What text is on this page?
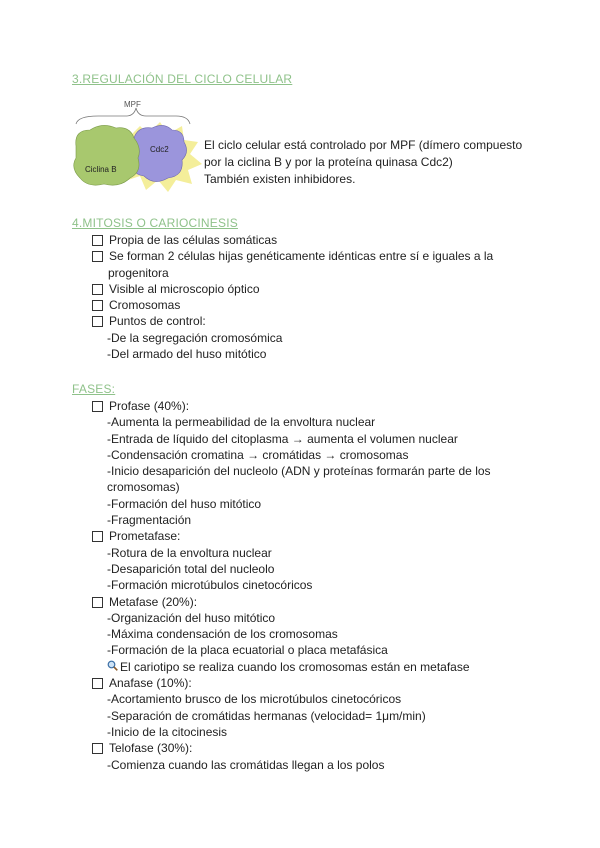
3.REGULACIÓN DEL CICLO CELULAR
MPF
Cdc2
Ciclina B
El ciclo celular está controlado por MPF (dímero compuesto
por la ciclina B y por la proteína quinasa Cdc2)
También existen inhibidores.
4.MITOSIS O CARIOCINESIS
Propia de las células somáticas
Se forman 2 células hijas genéticamente idénticas entre sí e iguales a la
progenitora
Visible al microscopio óptico
Cromosomas
Puntos de control:
-De la segregación cromosómica
-Del armado del huso mitótico
FASES:
Profase (40%):
-Aumenta la permeabilidad de la envoltura nuclear
-Entrada de líquido del citoplasma → aumenta el volumen nuclear
-Condensación cromatina → cromátidas → cromosomas
-Inicio desaparición del nucleolo (ADN y proteínas formarán parte de los
cromosomas)
-Formación del huso mitótico
-Fragmentación
Prometafase:
-Rotura de la envoltura nuclear
-Desaparición total del nucleolo
-Formación microtúbulos cinetocóricos
Metafase (20%):
-Organización del huso mitótico
-Máxima condensación de los cromosomas
-Formación de la placa ecuatorial o placa metafásica
El cariotipo se realiza cuando los cromosomas están en metafase
Anafase (10%):
-Acortamiento brusco de los microtúbulos cinetocóricos
-Separación de cromátidas hermanas (velocidad= 1μm/min)
-Inicio de la citocinesis
Telofase (30%):
-Comienza cuando las cromátidas llegan a los polos
